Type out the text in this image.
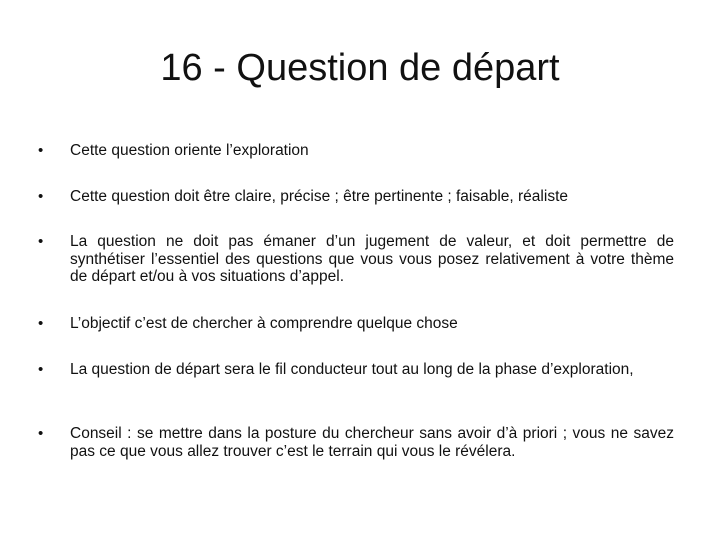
16 - Question de départ
•	Cette question oriente l’exploration
•	Cette question doit être claire, précise ; être pertinente ; faisable, réaliste
•	La question ne doit pas émaner d’un jugement de valeur, et doit permettre de synthétiser l’essentiel des questions que vous vous posez relativement à votre thème de départ et/ou à vos situations d’appel.
•	L’objectif c’est de chercher à comprendre quelque chose
•	La question de départ sera le fil conducteur tout au long de la phase d’exploration,
•	Conseil : se mettre dans la posture du chercheur sans avoir d’à priori ; vous ne savez pas ce que vous allez trouver c’est le terrain qui vous le révélera.
